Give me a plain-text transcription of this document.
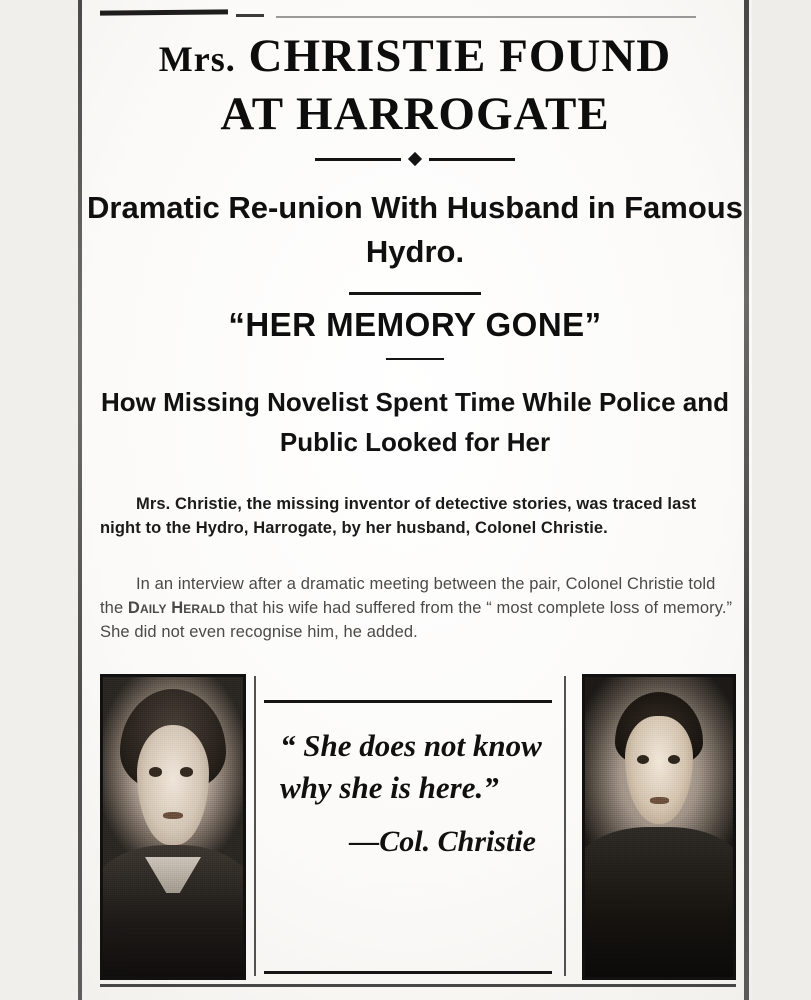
Mrs. CHRISTIE FOUND
AT HARROGATE
Dramatic Re-union With Husband in Famous Hydro.
“HER MEMORY GONE”
How Missing Novelist Spent Time While Police and Public Looked for Her
Mrs. Christie, the missing inventor of detective stories, was traced last night to the Hydro, Harrogate, by her husband, Colonel Christie.
In an interview after a dramatic meeting between the pair, Colonel Christie told the Daily Herald that his wife had suffered from the “ most complete loss of memory.” She did not even recognise him, he added.
“ She does not know why she is here.”
—Col. Christie
